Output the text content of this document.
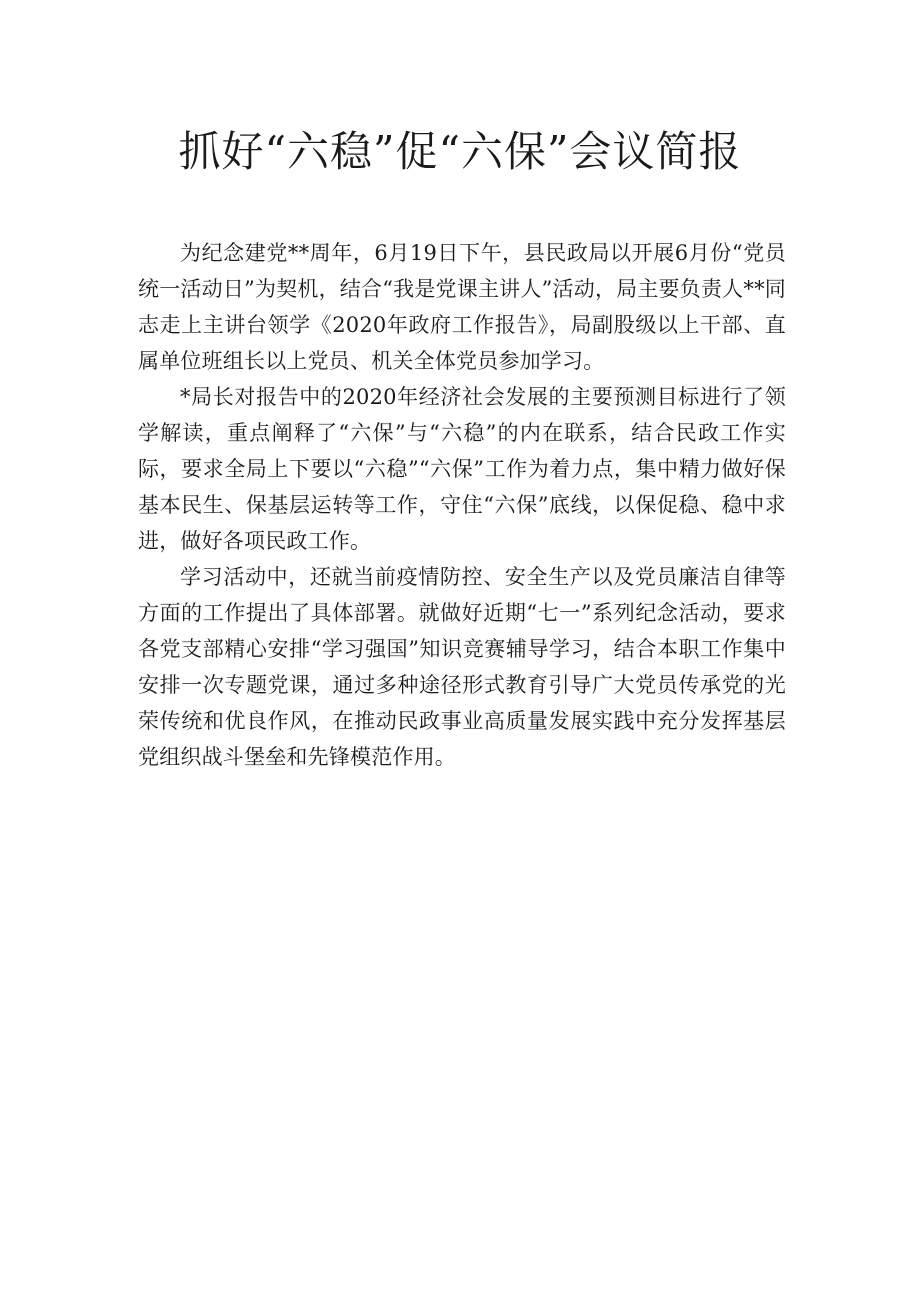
抓好“六稳”促“六保”会议简报

为纪念建党**周年，6月19日下午，县民政局以开展6月份“党员统一活动日”为契机，结合“我是党课主讲人”活动，局主要负责人**同志走上主讲台领学《2020年政府工作报告》，局副股级以上干部、直属单位班组长以上党员、机关全体党员参加学习。

*局长对报告中的2020年经济社会发展的主要预测目标进行了领学解读，重点阐释了“六保”与“六稳”的内在联系，结合民政工作实际，要求全局上下要以“六稳”“六保”工作为着力点，集中精力做好保基本民生、保基层运转等工作，守住“六保”底线，以保促稳、稳中求进，做好各项民政工作。

学习活动中，还就当前疫情防控、安全生产以及党员廉洁自律等方面的工作提出了具体部署。就做好近期“七一”系列纪念活动，要求各党支部精心安排“学习强国”知识竞赛辅导学习，结合本职工作集中安排一次专题党课，通过多种途径形式教育引导广大党员传承党的光荣传统和优良作风，在推动民政事业高质量发展实践中充分发挥基层党组织战斗堡垒和先锋模范作用。
